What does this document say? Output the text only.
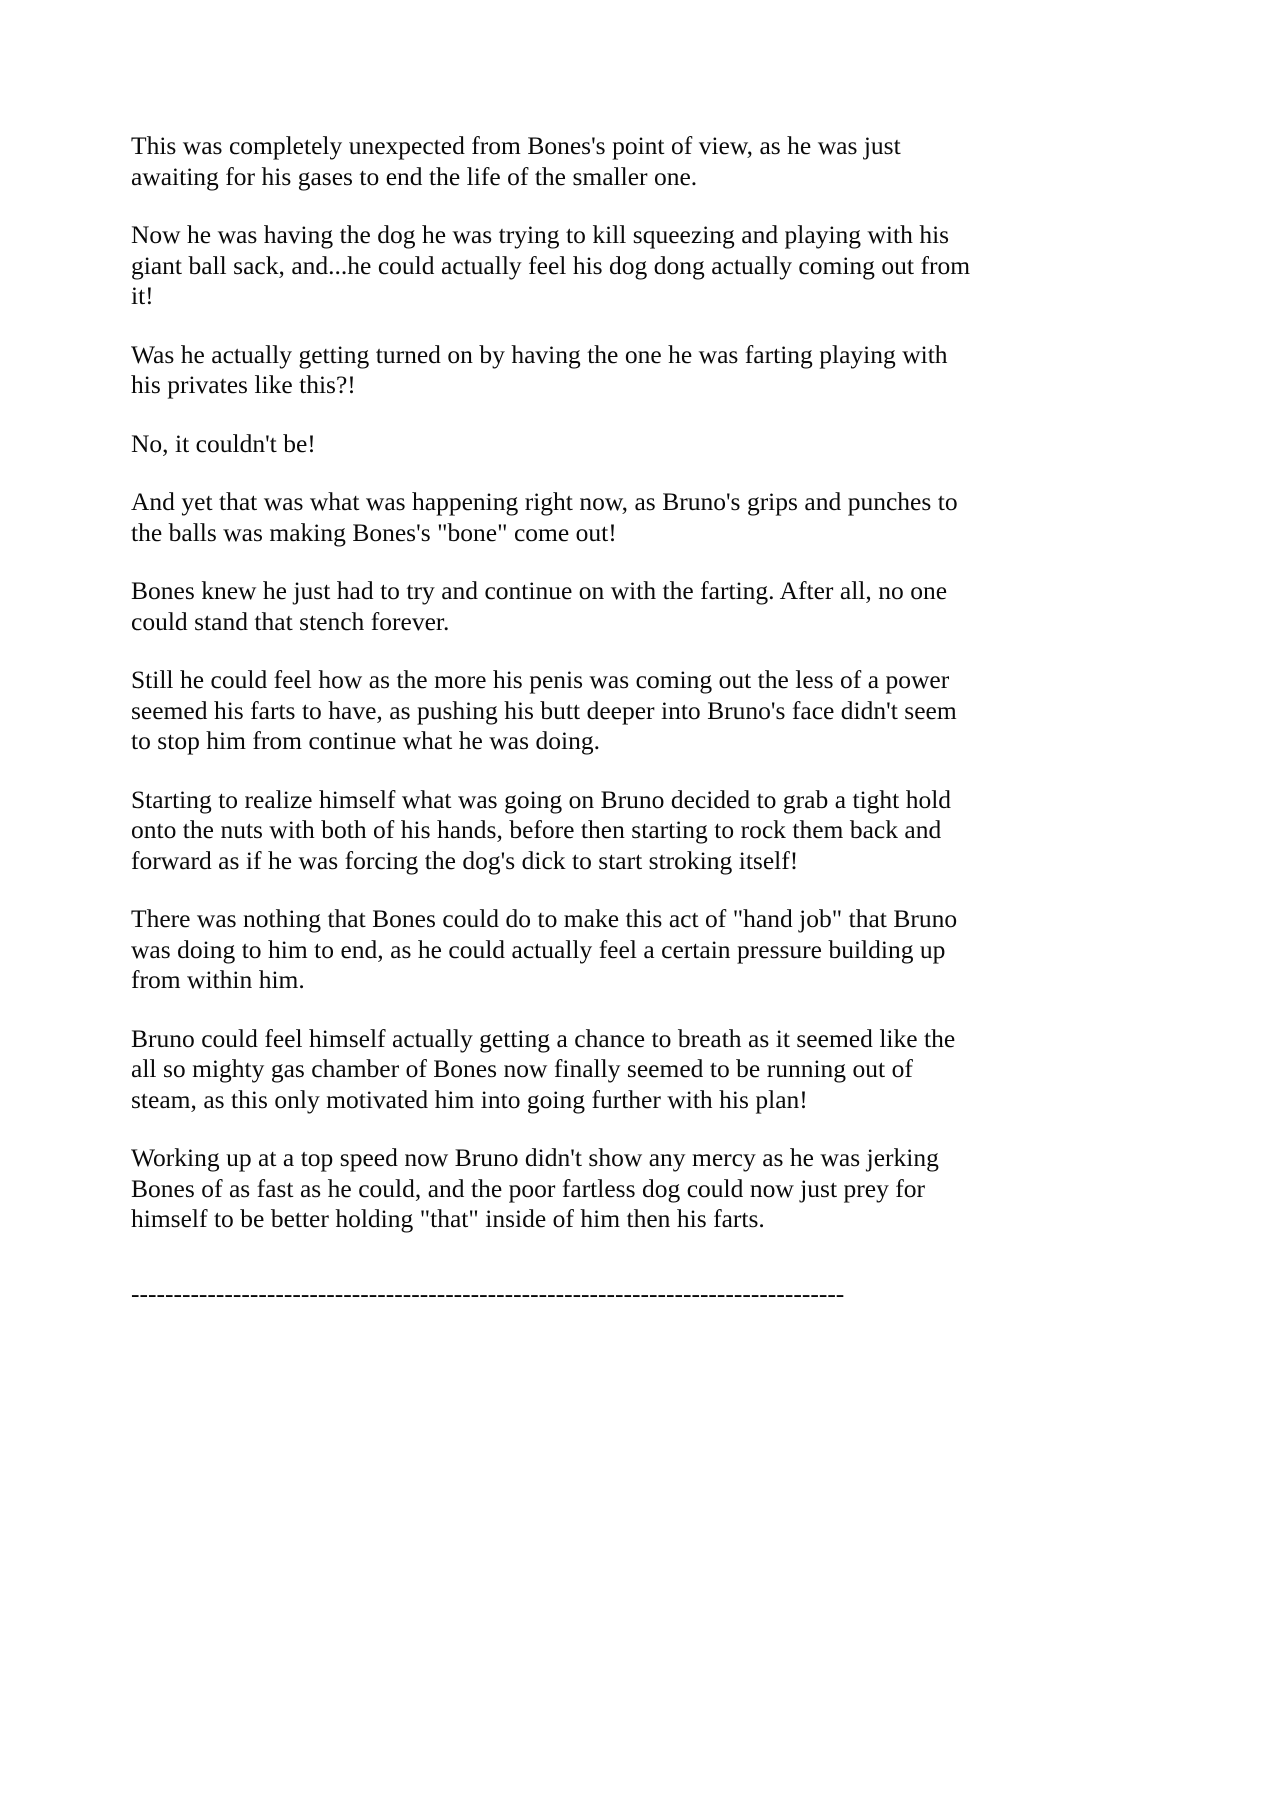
This was completely unexpected from Bones's point of view, as he was just awaiting for his gases to end the life of the smaller one.

Now he was having the dog he was trying to kill squeezing and playing with his giant ball sack, and...he could actually feel his dog dong actually coming out from it!

Was he actually getting turned on by having the one he was farting playing with his privates like this?!

No, it couldn't be!

And yet that was what was happening right now, as Bruno's grips and punches to the balls was making Bones's "bone" come out!

Bones knew he just had to try and continue on with the farting. After all, no one could stand that stench forever.

Still he could feel how as the more his penis was coming out the less of a power seemed his farts to have, as pushing his butt deeper into Bruno's face didn't seem to stop him from continue what he was doing.

Starting to realize himself what was going on Bruno decided to grab a tight hold onto the nuts with both of his hands, before then starting to rock them back and forward as if he was forcing the dog's dick to start stroking itself!

There was nothing that Bones could do to make this act of "hand job" that Bruno was doing to him to end, as he could actually feel a certain pressure building up from within him.

Bruno could feel himself actually getting a chance to breath as it seemed like the all so mighty gas chamber of Bones now finally seemed to be running out of steam, as this only motivated him into going further with his plan!

Working up at a top speed now Bruno didn't show any mercy as he was jerking Bones of as fast as he could, and the poor fartless dog could now just prey for himself to be better holding "that" inside of him then his farts.

------------------------------------------------------------------------------------
